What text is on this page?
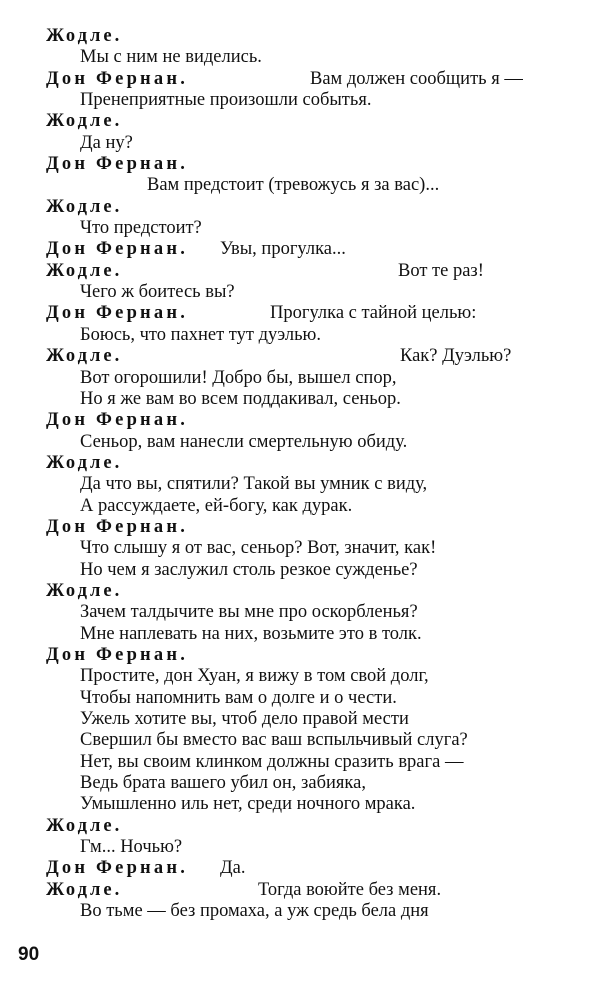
Жодле.
Мы с ним не виделись.
Дон Фернан.	Вам должен сообщить я —
Пренеприятные произошли событья.
Жодле.
Да ну?
Дон Фернан.
Вам предстоит (тревожусь я за вас)...
Жодле.
Что предстоит?
Дон Фернан. Увы, прогулка...
Жодле.	Вот те раз!
Чего ж боитесь вы?
Дон Фернан.	Прогулка с тайной целью:
Боюсь, что пахнет тут дуэлью.
Жодле.	Как? Дуэлью?
Вот огорошили! Добро бы, вышел спор,
Но я же вам во всем поддакивал, сеньор.
Дон Фернан.
Сеньор, вам нанесли смертельную обиду.
Жодле.
Да что вы, спятили? Такой вы умник с виду,
А рассуждаете, ей-богу, как дурак.
Дон Фернан.
Что слышу я от вас, сеньор? Вот, значит, как!
Но чем я заслужил столь резкое сужденье?
Жодле.
Зачем талдычите вы мне про оскорбленья?
Мне наплевать на них, возьмите это в толк.
Дон Фернан.
Простите, дон Хуан, я вижу в том свой долг,
Чтобы напомнить вам о долге и о чести.
Ужель хотите вы, чтоб дело правой мести
Свершил бы вместо вас ваш вспыльчивый слуга?
Нет, вы своим клинком должны сразить врага —
Ведь брата вашего убил он, забияка,
Умышленно иль нет, среди ночного мрака.
Жодле.
Гм... Ночью?
Дон Фернан. Да.
Жодле.	Тогда воюйте без меня.
Во тьме — без промаха, а уж средь бела дня
90
